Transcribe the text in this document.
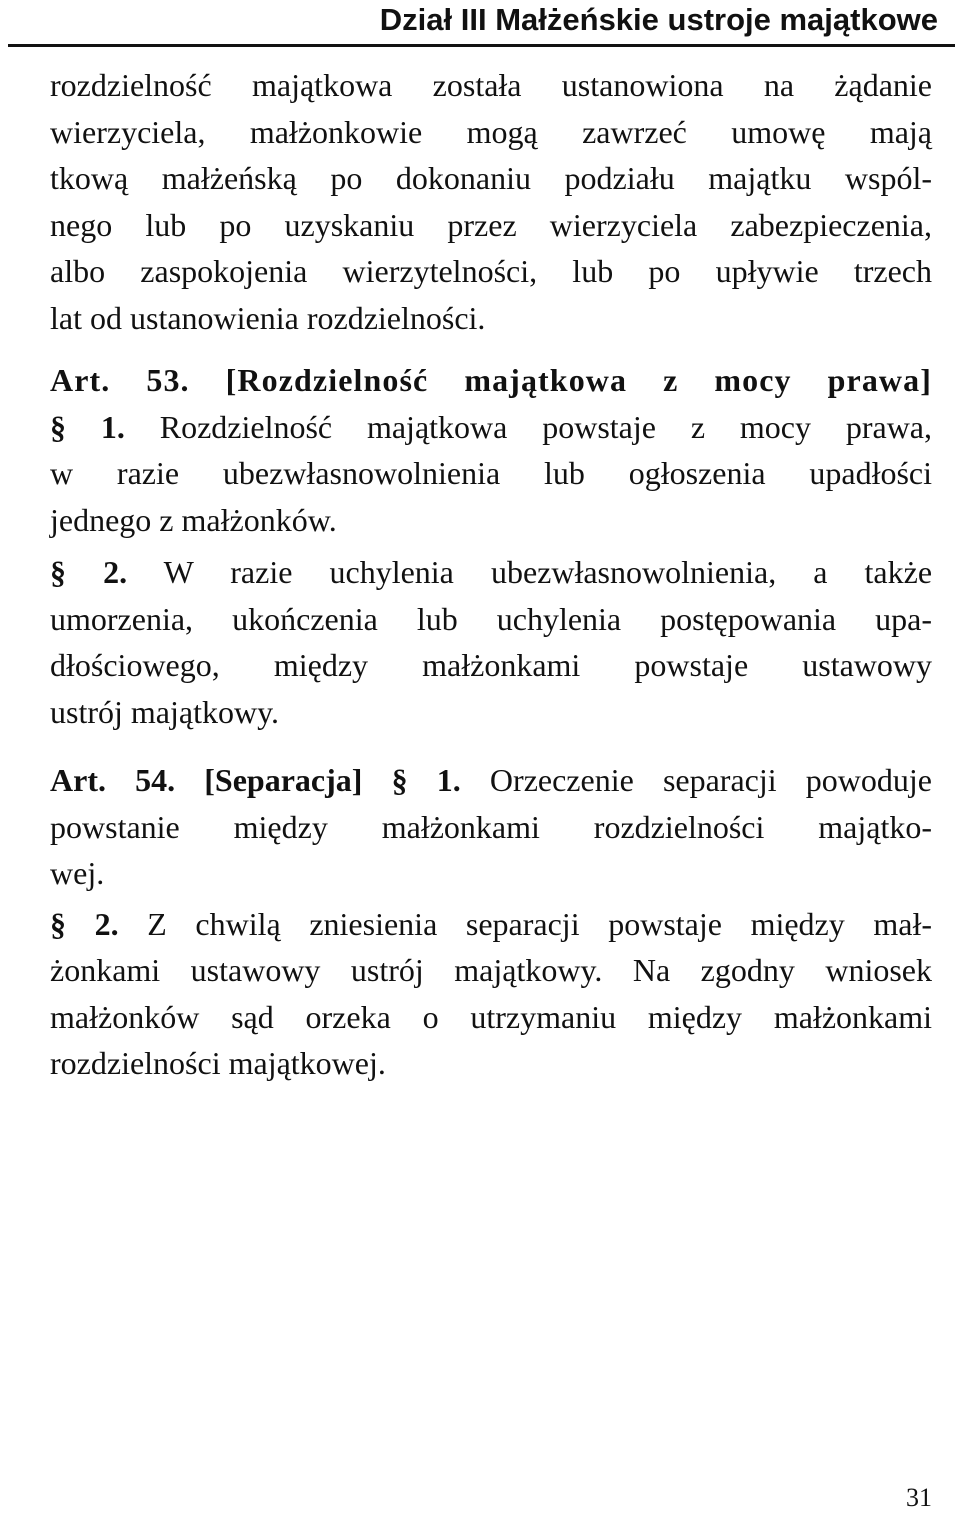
Dział III Małżeńskie ustroje majątkowe
rozdzielność majątkowa została ustanowiona na żądanie
wierzyciela, małżonkowie mogą zawrzeć umowę mają
tkową małżeńską po dokonaniu podziału majątku wspól-
nego lub po uzyskaniu przez wierzyciela zabezpieczenia,
albo zaspokojenia wierzytelności, lub po upływie trzech
lat od ustanowienia rozdzielności.
Art. 53. [Rozdzielność majątkowa z mocy prawa]
§ 1. Rozdzielność majątkowa powstaje z mocy prawa,
w razie ubezwłasnowolnienia lub ogłoszenia upadłości
jednego z małżonków.
§ 2. W razie uchylenia ubezwłasnowolnienia, a także
umorzenia, ukończenia lub uchylenia postępowania upa-
dłościowego, między małżonkami powstaje ustawowy
ustrój majątkowy.
Art. 54. [Separacja] § 1. Orzeczenie separacji powoduje
powstanie między małżonkami rozdzielności majątko-
wej.
§ 2. Z chwilą zniesienia separacji powstaje między mał-
żonkami ustawowy ustrój majątkowy. Na zgodny wniosek
małżonków sąd orzeka o utrzymaniu między małżonkami
rozdzielności majątkowej.
31
